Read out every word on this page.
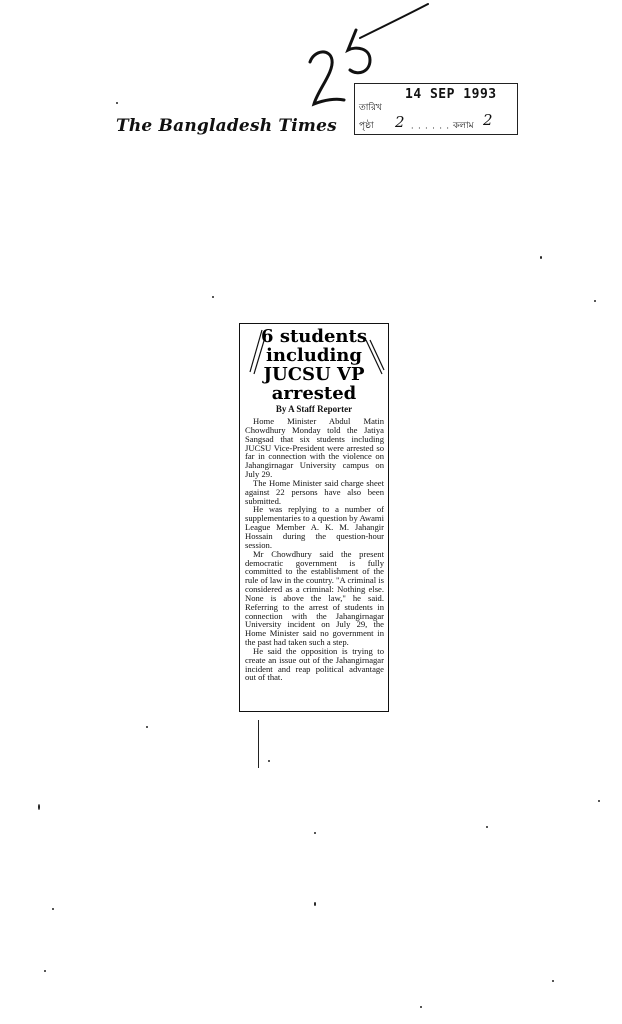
The Bangladesh Times
14 SEP 1993
তারিখ
পৃষ্ঠা 2 · · · · · · কলাম 2
6 students
including
JUCSU VP
arrested
By A Staff Reporter

Home Minister Abdul Matin Chowdhury Monday told the Jatiya Sangsad that six students including JUCSU Vice-President were arrested so far in connection with the violence on Jahangirnagar University campus on July 29.

The Home Minister said charge sheet against 22 persons have also been submitted.

He was replying to a number of supplementaries to a question by Awami League Member A. K. M. Jahangir Hossain during the question-hour session.

Mr Chowdhury said the present democratic government is fully committed to the establishment of the rule of law in the country. "A criminal is considered as a criminal: Nothing else. None is above the law," he said. Referring to the arrest of students in connection with the Jahangirnagar University incident on July 29, the Home Minister said no government in the past had taken such a step.

He said the opposition is trying to create an issue out of the Jahangirnagar incident and reap political advantage out of that.
